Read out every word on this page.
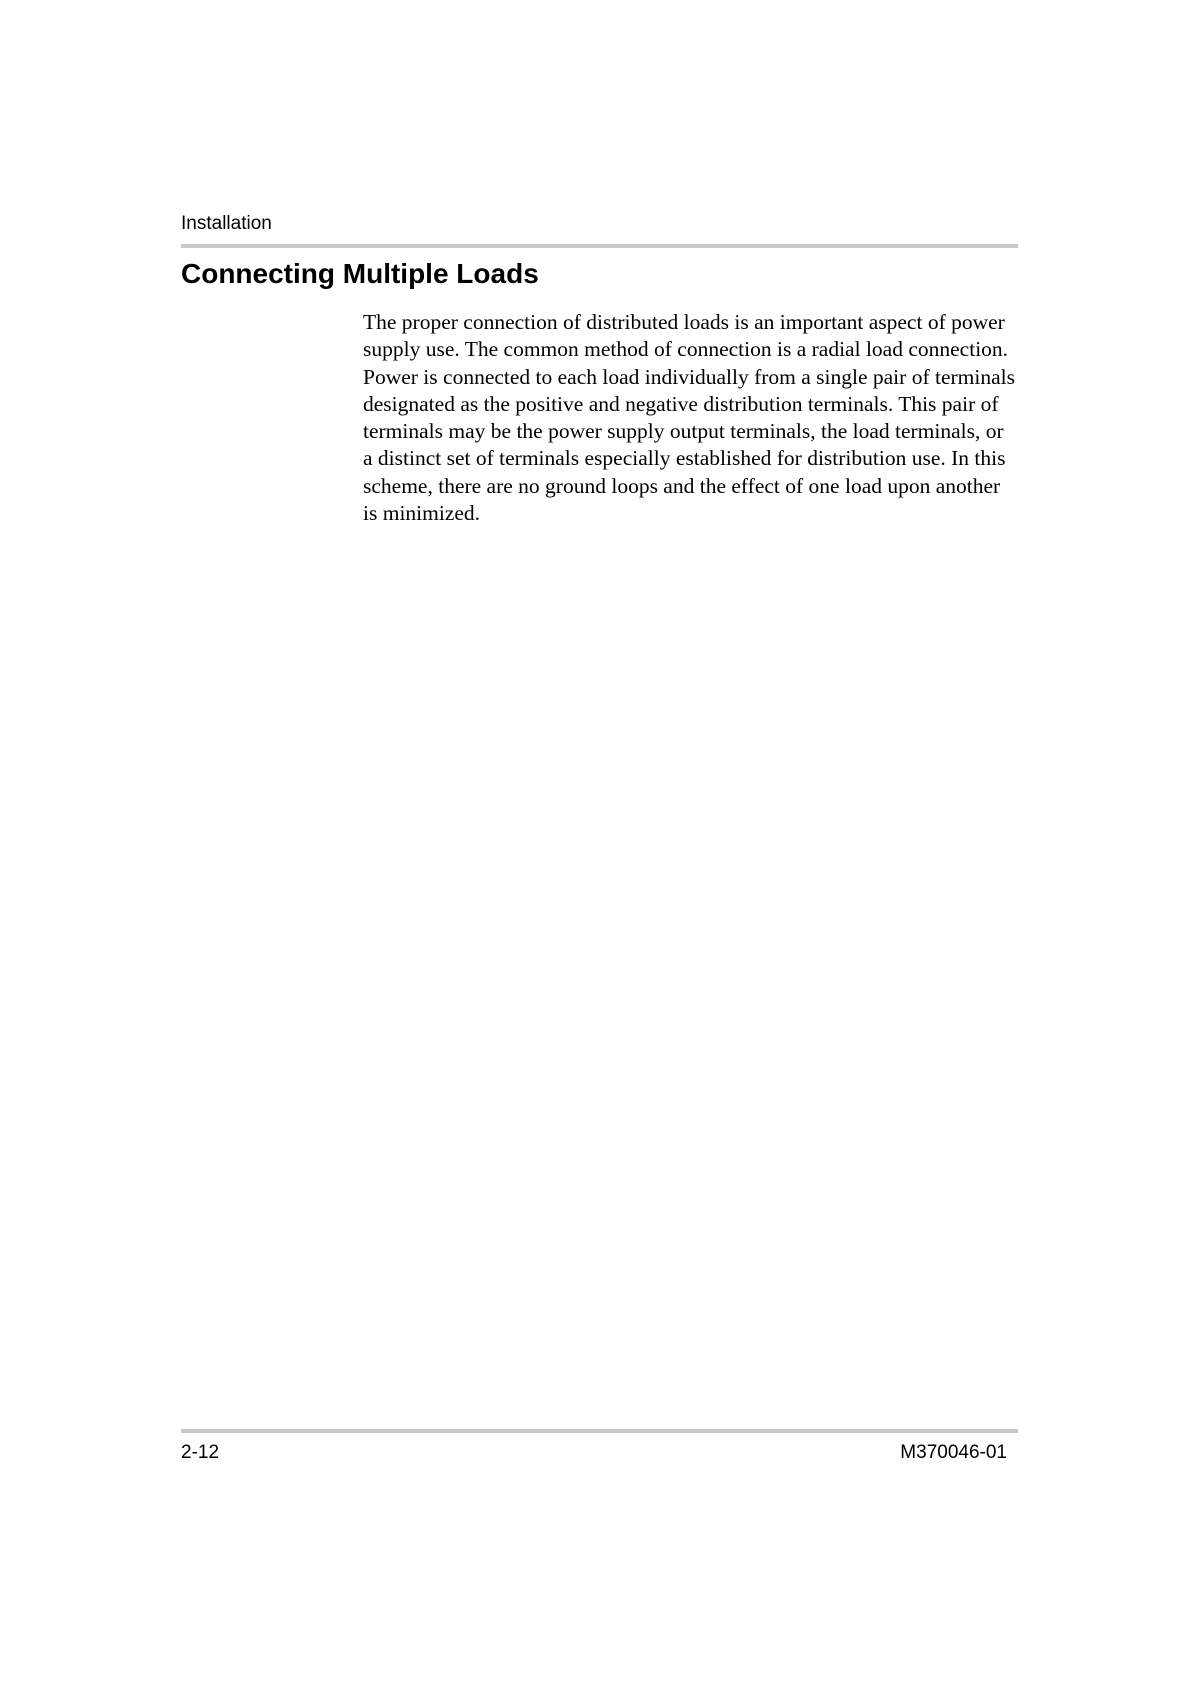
Installation
Connecting Multiple Loads

The proper connection of distributed loads is an important aspect of power supply use. The common method of connection is a radial load connection. Power is connected to each load individually from a single pair of terminals designated as the positive and negative distribution terminals. This pair of terminals may be the power supply output terminals, the load terminals, or a distinct set of terminals especially established for distribution use. In this scheme, there are no ground loops and the effect of one load upon another is minimized.

2-12	M370046-01
